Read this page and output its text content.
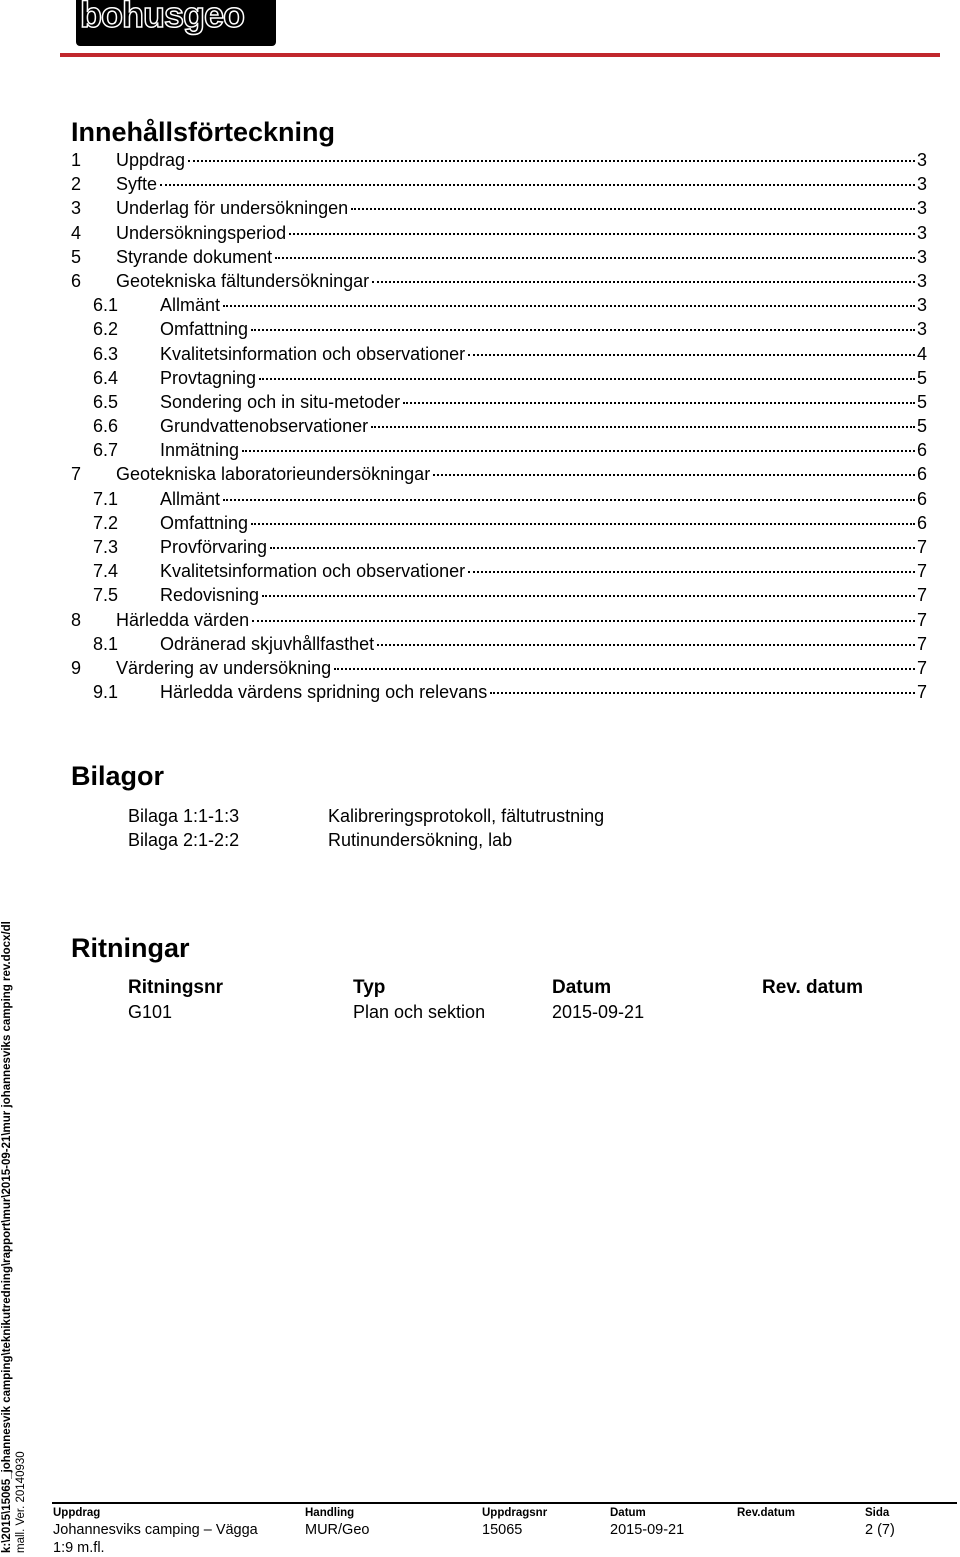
bohusgeo
Innehållsförteckning
1	Uppdrag	3
2	Syfte	3
3	Underlag för undersökningen	3
4	Undersökningsperiod	3
5	Styrande dokument	3
6	Geotekniska fältundersökningar	3
6.1	Allmänt	3
6.2	Omfattning	3
6.3	Kvalitetsinformation och observationer	4
6.4	Provtagning	5
6.5	Sondering och in situ-metoder	5
6.6	Grundvattenobservationer	5
6.7	Inmätning	6
7	Geotekniska laboratorieundersökningar	6
7.1	Allmänt	6
7.2	Omfattning	6
7.3	Provförvaring	7
7.4	Kvalitetsinformation och observationer	7
7.5	Redovisning	7
8	Härledda värden	7
8.1	Odränerad skjuvhållfasthet	7
9	Värdering av undersökning	7
9.1	Härledda värdens spridning och relevans	7
Bilagor
Bilaga 1:1-1:3	Kalibreringsprotokoll, fältutrustning
Bilaga 2:1-2:2	Rutinundersökning, lab
Ritningar
Ritningsnr	Typ	Datum	Rev. datum
G101	Plan och sektion	2015-09-21
k:\2015\15065_johannesvik camping\teknikutredning\rapport\mur\2015-09-21\mur johannesviks camping rev.docx/dl mall. Ver. 20140930 Uppdrag
Johannesviks camping – Vägga
1:9 m.fl.
Handling
MUR/Geo
Uppdragsnr
15065
Datum
2015-09-21
Rev.datum	Sida
2 (7)
